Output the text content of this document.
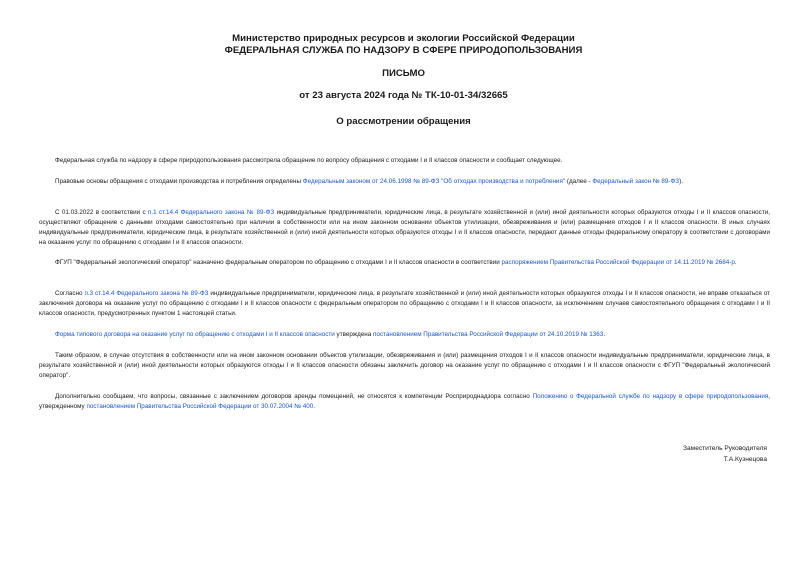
Министерство природных ресурсов и экологии Российской Федерации
ФЕДЕРАЛЬНАЯ СЛУЖБА ПО НАДЗОРУ В СФЕРЕ ПРИРОДОПОЛЬЗОВАНИЯ
ПИСЬМО
от 23 августа 2024 года № ТК-10-01-34/32665
О рассмотрении обращения
Федеральная служба по надзору в сфере природопользования рассмотрела обращение по вопросу обращения с отходами I и II классов опасности и сообщает следующее.
Правовые основы обращения с отходами производства и потребления определены Федеральным законом от 24.06.1998 № 89-ФЗ "Об отходах производства и потребления" (далее - Федеральный закон № 89-ФЗ).
С 01.03.2022 в соответствии с п.1 ст.14.4 Федерального закона № 89-ФЗ индивидуальные предприниматели, юридические лица, в результате хозяйственной и (или) иной деятельности которых образуются отходы I и II классов опасности, осуществляют обращение с данными отходами самостоятельно при наличии в собственности или на ином законном основании объектов утилизации, обезвреживания и (или) размещения отходов I и II классов опасности. В иных случаях индивидуальные предприниматели, юридические лица, в результате хозяйственной и (или) иной деятельности которых образуются отходы I и II классов опасности, передают данные отходы федеральному оператору в соответствии с договорами на оказание услуг по обращению с отходами I и II классов опасности.
ФГУП "Федеральный экологический оператор" назначено федеральным оператором по обращению с отходами I и II классов опасности в соответствии распоряжением Правительства Российской Федерации от 14.11.2019 № 2684-р.
Согласно п.3 ст.14.4 Федерального закона № 89-ФЗ индивидуальные предприниматели, юридические лица, в результате хозяйственной и (или) иной деятельности которых образуются отходы I и II классов опасности, не вправе отказаться от заключения договора на оказание услуг по обращению с отходами I и II классов опасности с федеральным оператором по обращению с отходами I и II классов опасности, за исключением случаев самостоятельного обращения с отходами I и II классов опасности, предусмотренных пунктом 1 настоящей статьи.
Форма типового договора на оказание услуг по обращению с отходами I и II классов опасности утверждена постановлением Правительства Российской Федерации от 24.10.2019 № 1363.
Таким образом, в случае отсутствия в собственности или на ином законном основании объектов утилизации, обезвреживания и (или) размещения отходов I и II классов опасности индивидуальные предприниматели, юридические лица, в результате хозяйственной и (или) иной деятельности которых образуются отходы I и II классов опасности обязаны заключить договор на оказание услуг по обращению с отходами I и II классов опасности с ФГУП "Федеральный экологический оператор".
Дополнительно сообщаем, что вопросы, связанные с заключением договоров аренды помещений, не относятся к компетенции Росприроднадзора согласно Положению о Федеральной службе по надзору в сфере природопользования, утвержденному постановлением Правительства Российской Федерации от 30.07.2004 № 400.
Заместитель Руководителя
Т.А.Кузнецова
